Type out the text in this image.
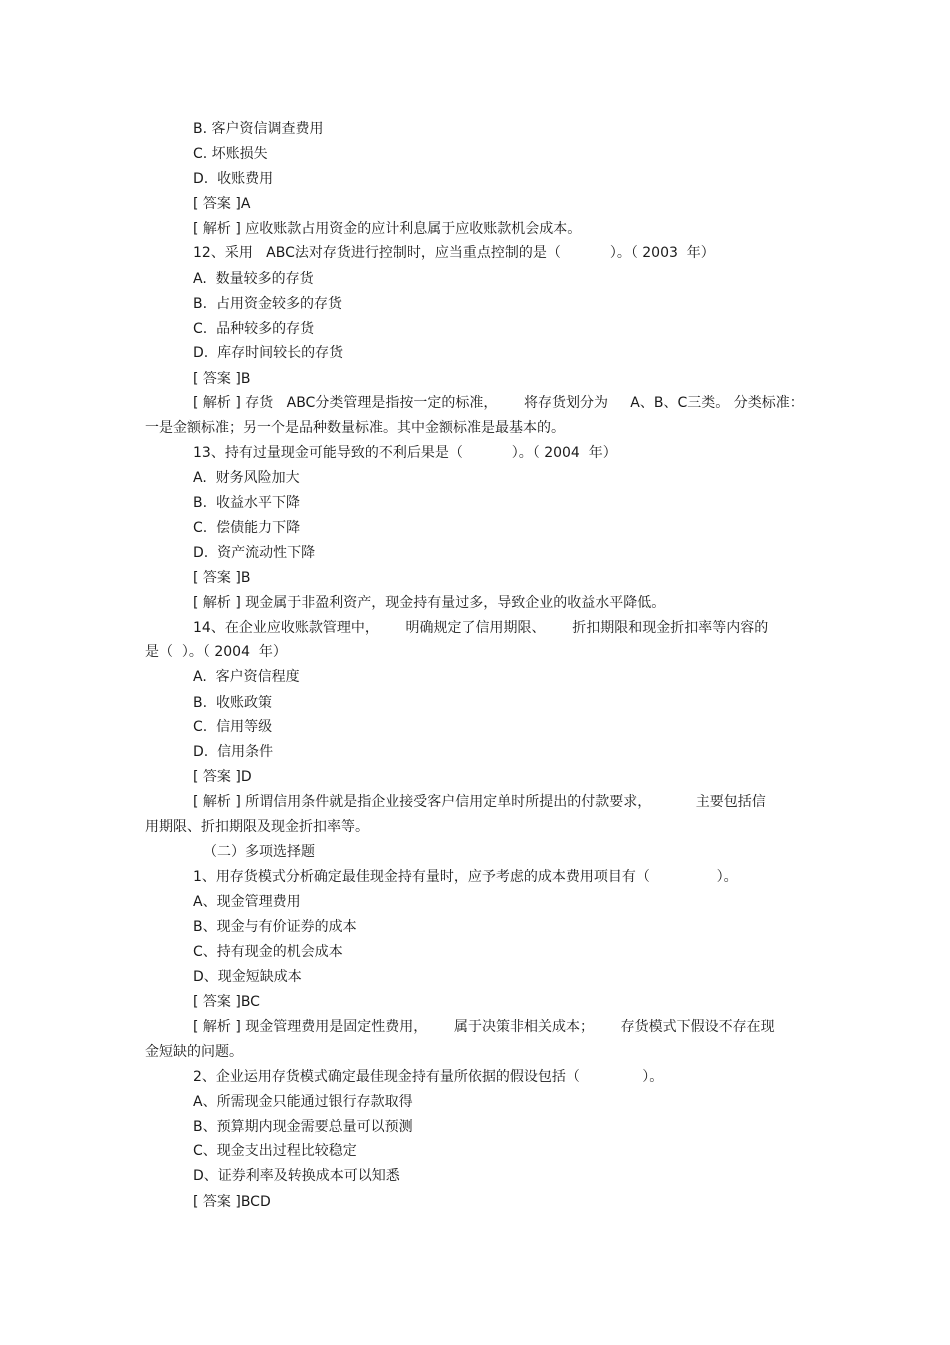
B. 客户资信调查费用
C. 坏账损失
D.  收账费用
[ 答案 ]A
[ 解析 ] 应收账款占用资金的应计利息属于应收账款机会成本。
12、采用   ABC法对存货进行控制时，应当重点控制的是（           ）。（ 2003  年）
A.  数量较多的存货
B.  占用资金较多的存货
C.  品种较多的存货
D.  库存时间较长的存货
[ 答案 ]B
[ 解析 ] 存货   ABC分类管理是指按一定的标准，      将存货划分为     A、B、C三类。 分类标准：
一是金额标准；另一个是品种数量标准。其中金额标准是最基本的。
13、持有过量现金可能导致的不利后果是（           ）。（ 2004  年）
A.  财务风险加大
B.  收益水平下降
C.  偿债能力下降
D.  资产流动性下降
[ 答案 ]B
[ 解析 ] 现金属于非盈利资产，现金持有量过多，导致企业的收益水平降低。
14、在企业应收账款管理中，      明确规定了信用期限、      折扣期限和现金折扣率等内容的
是（  ）。（ 2004  年）
A.  客户资信程度
B.  收账政策
C.  信用等级
D.  信用条件
[ 答案 ]D
[ 解析 ] 所谓信用条件就是指企业接受客户信用定单时所提出的付款要求，          主要包括信
用期限、折扣期限及现金折扣率等。
（二）多项选择题
1、用存货模式分析确定最佳现金持有量时，应予考虑的成本费用项目有（               ）。
A、现金管理费用
B、现金与有价证券的成本
C、持有现金的机会成本
D、现金短缺成本
[ 答案 ]BC
[ 解析 ] 现金管理费用是固定性费用，      属于决策非相关成本；      存货模式下假设不存在现
金短缺的问题。
2、企业运用存货模式确定最佳现金持有量所依据的假设包括（              ）。
A、所需现金只能通过银行存款取得
B、预算期内现金需要总量可以预测
C、现金支出过程比较稳定
D、证券利率及转换成本可以知悉
[ 答案 ]BCD
